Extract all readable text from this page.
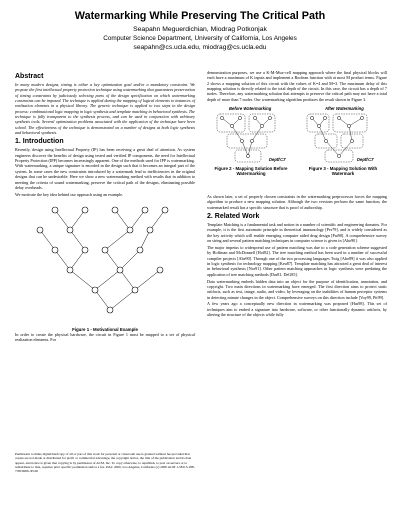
Watermarking While Preserving The Critical Path
Seapahn Meguerdichian, Miodrag Potkonjak
Computer Science Department, University of California, Los Angeles
seapahn@cs.ucla.edu, miodrag@cs.ucla.edu
Abstract
In many modern designs, timing is either a key optimization goal and/or a mandatory constraint. We propose the first intellectual property protection technique using watermarking that guarantees preservation of timing constraints by judiciously selecting parts of the design specification on which watermarking constraints can be imposed. The technique is applied during the mapping of logical elements to instances of realization elements in a physical library. The generic technique is applied to two steps in the design process: combinational logic mapping in logic synthesis and template matching in behavioral synthesis. The technique is fully transparent to the synthesis process, and can be used in conjunction with arbitrary synthesis tools. Several optimization problems associated with the application of the technique have been solved. The effectiveness of the technique is demonstrated on a number of designs at both logic synthesis and behavioral synthesis.
1. Introduction
Recently, design using Intellectual Property (IP) has been receiving a great deal of attention. As system engineers discover the benefits of design using tested and verified IP components, the need for Intellectual Property Protection (IPP) becomes increasingly apparent. One of the methods used for IPP is watermarking. With watermarking, a unique signature is encoded in the design such that it becomes an integral part of the system. In some cases the new constraints introduced by a watermark lead to inefficiencies in the original designs that can be undesirable. Here we show a new watermarking method with results that in addition to meeting the criteria of sound watermarking, preserve the critical path of the designs, eliminating possible delay overheads.
We motivate the key idea behind our approach using an example.
Figure 1 - Motivational Example
In order to create the physical hardware, the circuit in Figure 1 must be mapped to a set of physical realization elements. For
Permission to make digital/hardcopy of all or part of this work for personal or classroom use is granted without fee provided that copies are not made or distributed for profit or commercial advantage, the copyright notice, the title of the publication and its date appear, and notice is given that copying is by permission of ACM, Inc. To copy otherwise, to republish, to post on servers or to redistribute to lists, requires prior specific permission and/or a fee. DAC 2000, Los Angeles, California (c) 2000 ACM 1-58113-188-7/00/0006..$5.00
demonstration purposes, we use a K-M-Mux-cell mapping approach where the final physical blocks will each have a maximum of K inputs and implement a Boolean function with at most M product terms. Figure 2 shows a mapping solution of this circuit with the values of K=4 and M=3. The maximum delay of this mapping solution is directly related to the total depth of the circuit. In this case, the circuit has a depth of 7 nodes. Therefore, any watermarking solution that attempts to preserve the critical path may not have a total depth of more than 7 nodes. Our watermarking algorithm produces the result shown in Figure 3.
Before Watermarking	After Watermarking
Depth=7	Depth=7
Figure 2 - Mapping Solution Before Watermarking
Figure 3 - Mapping Solution With Watermark
As shown later, a set of properly chosen constraints in the watermarking preprocessor forces the mapping algorithm to produce a new mapping solution. Although the two versions perform the same function, the watermarked result has a specific structure that is proof of authorship.
2. Related Work
Template Matching is a fundamental task and notion in a number of scientific and engineering domains. For example, it is the first automatic principle in theoretical immunology [Per79], and is widely considered as the key activity which will enable emerging computer aided drug design [Pat90]. A comprehensive survey on string and several pattern matching techniques in computer science is given in [Aho90].
The major impetus to widespread use of pattern matching was due to a code generation scheme suggested by Hoffman and McDonnell [Hof82]. The tree matching method has been used in a number of successful compiler projects [Abe90]. Through one of the two processing languages Twig [Aho89] it was also applied in logic synthesis for technology mapping [Keu87]. Template matching has attracted a great deal of interest in behavioral synthesis [Nor91]. Other pattern matching approaches in logic synthesis were predating the application of tree matching methods [Dar81, DeG85].
Data watermarking embeds hidden data into an object for the purpose of identification, annotation, and copyright. Two main directions in watermarking have emerged. The first direction aims to protect static artifacts, such as text, image, audio, and video, by leveraging on the inabilities of human perceptor systems in detecting minute changes in the object. Comprehensive surveys on this direction include [Voy99, Pit99].
A few years ago a conceptually new direction in watermarking was proposed [Has98]. This set of techniques aim to embed a signature into hardware, software, or other functionally dynamic artifacts, by altering the structure of the objects while fully
